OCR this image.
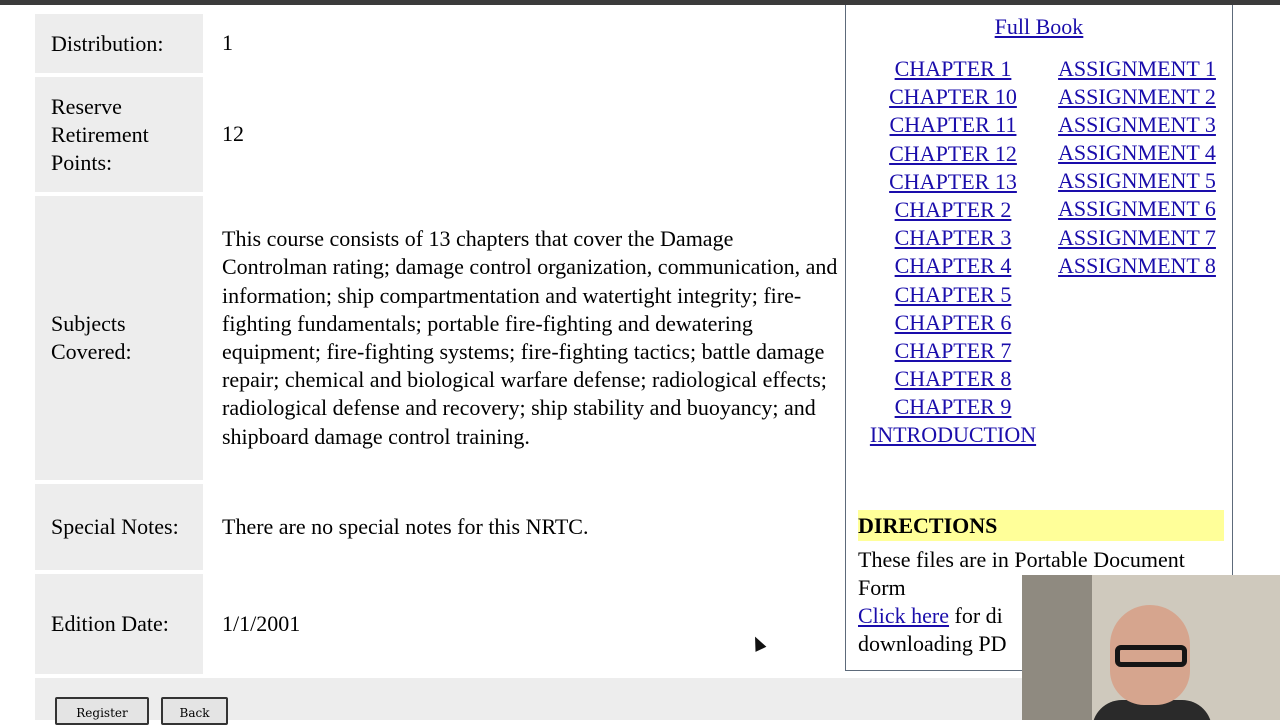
Distribution:	1
Reserve Retirement Points:
12
Subjects Covered:
This course consists of 13 chapters that cover the Damage Controlman rating; damage control organization, communication, and information; ship compartmentation and watertight integrity; fire-fighting fundamentals; portable fire-fighting and dewatering equipment; fire-fighting systems; fire-fighting tactics; battle damage repair; chemical and biological warfare defense; radiological effects; radiological defense and recovery; ship stability and buoyancy; and shipboard damage control training.
Special Notes:	There are no special notes for this NRTC.
Edition Date:	1/1/2001
Full Book
CHAPTER 1
CHAPTER 10
CHAPTER 11
CHAPTER 12
CHAPTER 13
CHAPTER 2
CHAPTER 3
CHAPTER 4
CHAPTER 5
CHAPTER 6
CHAPTER 7
CHAPTER 8
CHAPTER 9
INTRODUCTION
ASSIGNMENT 1
ASSIGNMENT 2
ASSIGNMENT 3
ASSIGNMENT 4
ASSIGNMENT 5
ASSIGNMENT 6
ASSIGNMENT 7
ASSIGNMENT 8
DIRECTIONS
These files are in Portable Document Form
Click here for di
downloading PD
Register	Back
